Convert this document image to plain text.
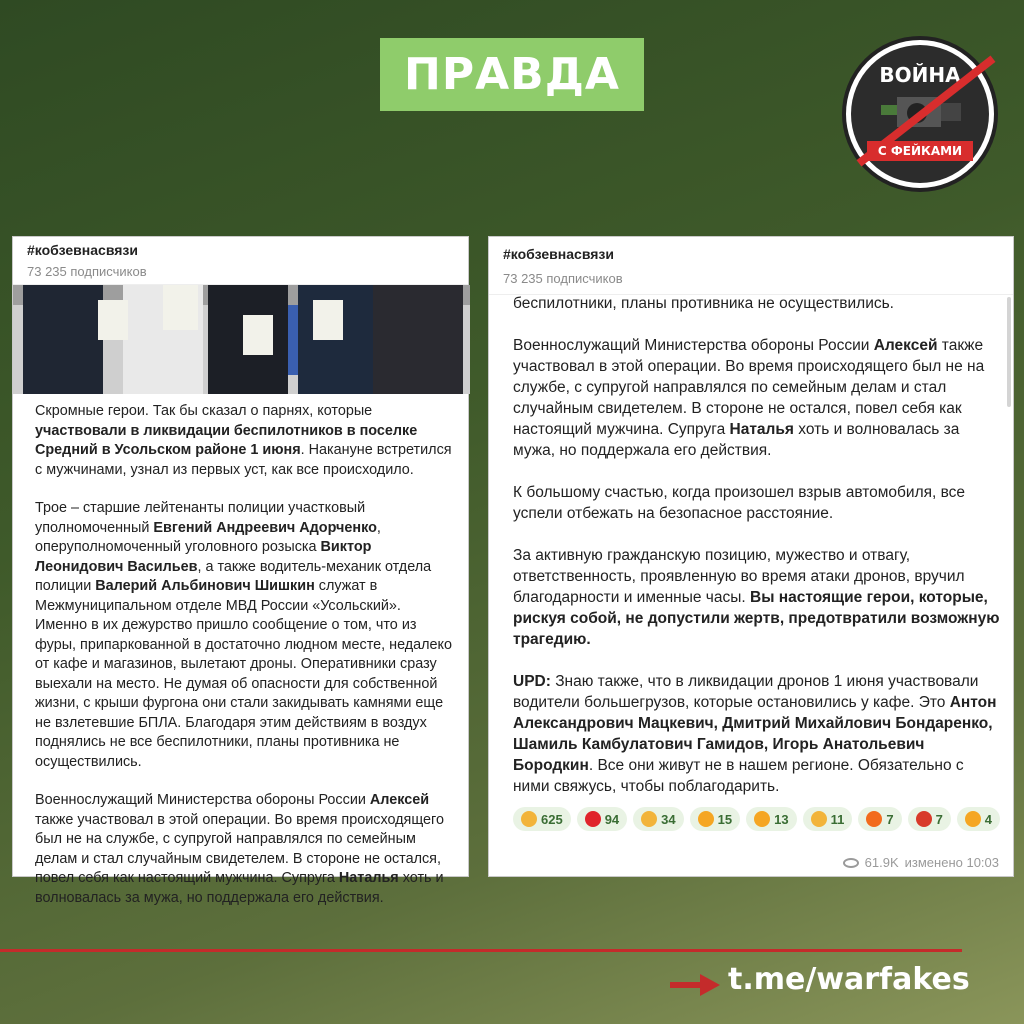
ПРАВДА	ВОЙНА
С ФЕЙКАМИ
#кобзевнасвязи
73 235 подписчиков

Скромные герои. Так бы сказал о парнях, которые участвовали в ликвидации беспилотников в поселке Средний в Усольском районе 1 июня. Накануне встретился с мужчинами, узнал из первых уст, как все происходило.

Трое – старшие лейтенанты полиции участковый уполномоченный Евгений Андреевич Адорченко, оперуполномоченный уголовного розыска Виктор Леонидович Васильев, а также водитель-механик отдела полиции Валерий Альбинович Шишкин служат в Межмуниципальном отделе МВД России «Усольский». Именно в их дежурство пришло сообщение о том, что из фуры, припаркованной в достаточно людном месте, недалеко от кафе и магазинов, вылетают дроны. Оперативники сразу выехали на место. Не думая об опасности для собственной жизни, с крыши фургона они стали закидывать камнями еще не взлетевшие БПЛА. Благодаря этим действиям в воздух поднялись не все беспилотники, планы противника не осуществились.

Военнослужащий Министерства обороны России Алексей также участвовал в этой операции. Во время происходящего был не на службе, с супругой направлялся по семейным делам и стал случайным свидетелем. В стороне не остался, повел себя как настоящий мужчина. Супруга Наталья хоть и волновалась за мужа, но поддержала его действия.

#кобзевнасвязи
73 235 подписчиков

беспилотники, планы противника не осуществились.

Военнослужащий Министерства обороны России Алексей также участвовал в этой операции. Во время происходящего был не на службе, с супругой направлялся по семейным делам и стал случайным свидетелем. В стороне не остался, повел себя как настоящий мужчина. Супруга Наталья хоть и волновалась за мужа, но поддержала его действия.

К большому счастью, когда произошел взрыв автомобиля, все успели отбежать на безопасное расстояние.

За активную гражданскую позицию, мужество и отвагу, ответственность, проявленную во время атаки дронов, вручил благодарности и именные часы. Вы настоящие герои, которые, рискуя собой, не допустили жертв, предотвратили возможную трагедию.

UPD: Знаю также, что в ликвидации дронов 1 июня участвовали водители большегрузов, которые остановились у кафе. Это Антон Александрович Мацкевич, Дмитрий Михайлович Бондаренко, Шамиль Камбулатович Гамидов, Игорь Анатольевич Бородкин. Все они живут не в нашем регионе. Обязательно с ними свяжусь, чтобы поблагодарить.

625	94	34	15	13	11	7	7	4
61.9K изменено 10:03
t.me/warfakes
